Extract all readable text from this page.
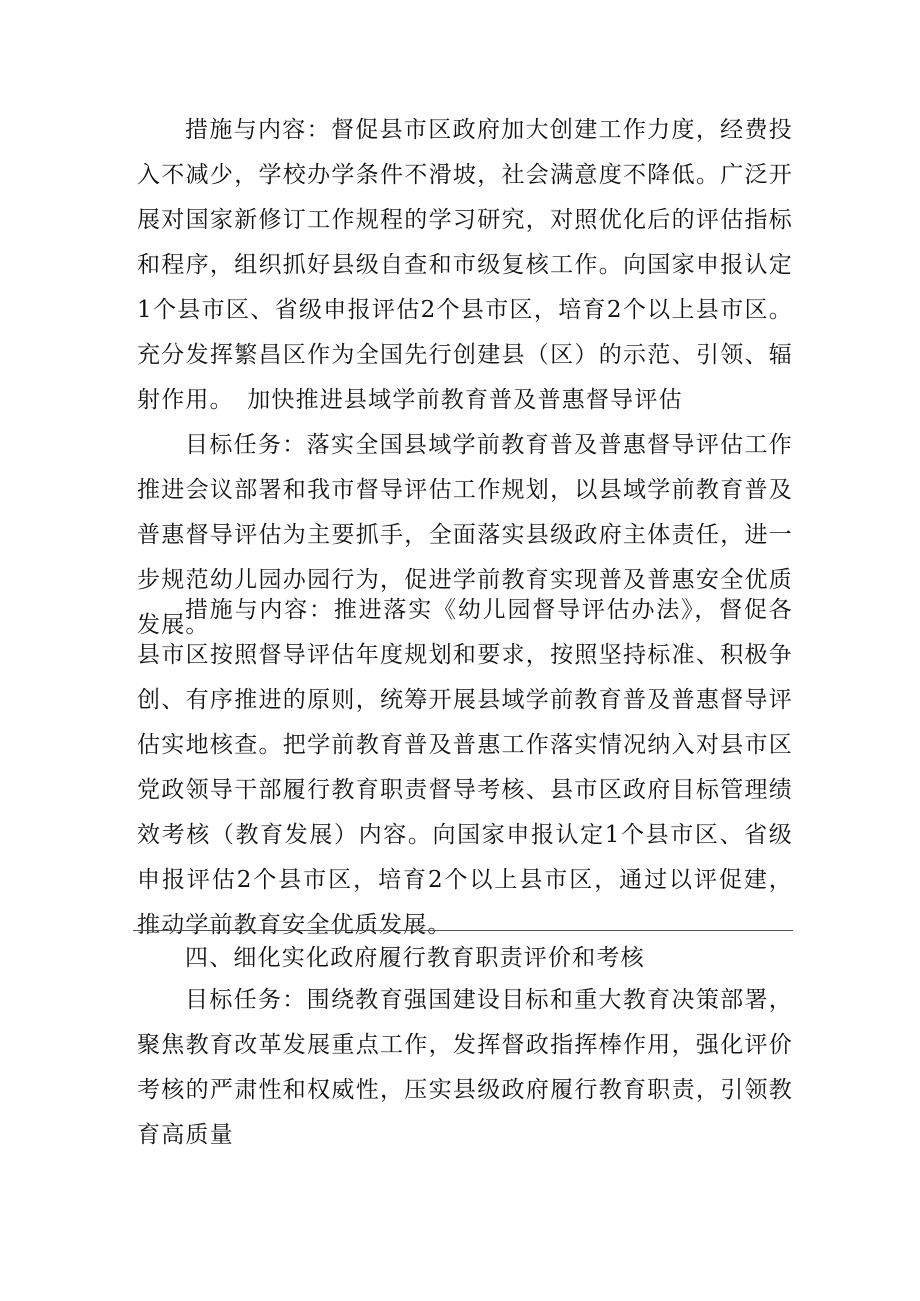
措施与内容：督促县市区政府加大创建工作力度，经费投入不减少，学校办学条件不滑坡，社会满意度不降低。广泛开展对国家新修订工作规程的学习研究，对照优化后的评估指标和程序，组织抓好县级自查和市级复核工作。向国家申报认定1个县市区、省级申报评估2个县市区，培育2个以上县市区。充分发挥繁昌区作为全国先行创建县（区）的示范、引领、辐射作用。 加快推进县域学前教育普及普惠督导评估

目标任务：落实全国县域学前教育普及普惠督导评估工作推进会议部署和我市督导评估工作规划，以县域学前教育普及普惠督导评估为主要抓手，全面落实县级政府主体责任，进一步规范幼儿园办园行为，促进学前教育实现普及普惠安全优质发展。

措施与内容：推进落实《幼儿园督导评估办法》，督促各县市区按照督导评估年度规划和要求，按照坚持标准、积极争创、有序推进的原则，统筹开展县域学前教育普及普惠督导评估实地核查。把学前教育普及普惠工作落实情况纳入对县市区党政领导干部履行教育职责督导考核、县市区政府目标管理绩效考核（教育发展）内容。向国家申报认定1个县市区、省级申报评估2个县市区，培育2个以上县市区，通过以评促建，推动学前教育安全优质发展。

四、细化实化政府履行教育职责评价和考核

目标任务：围绕教育强国建设目标和重大教育决策部署，聚焦教育改革发展重点工作，发挥督政指挥棒作用，强化评价考核的严肃性和权威性，压实县级政府履行教育职责，引领教育高质量
